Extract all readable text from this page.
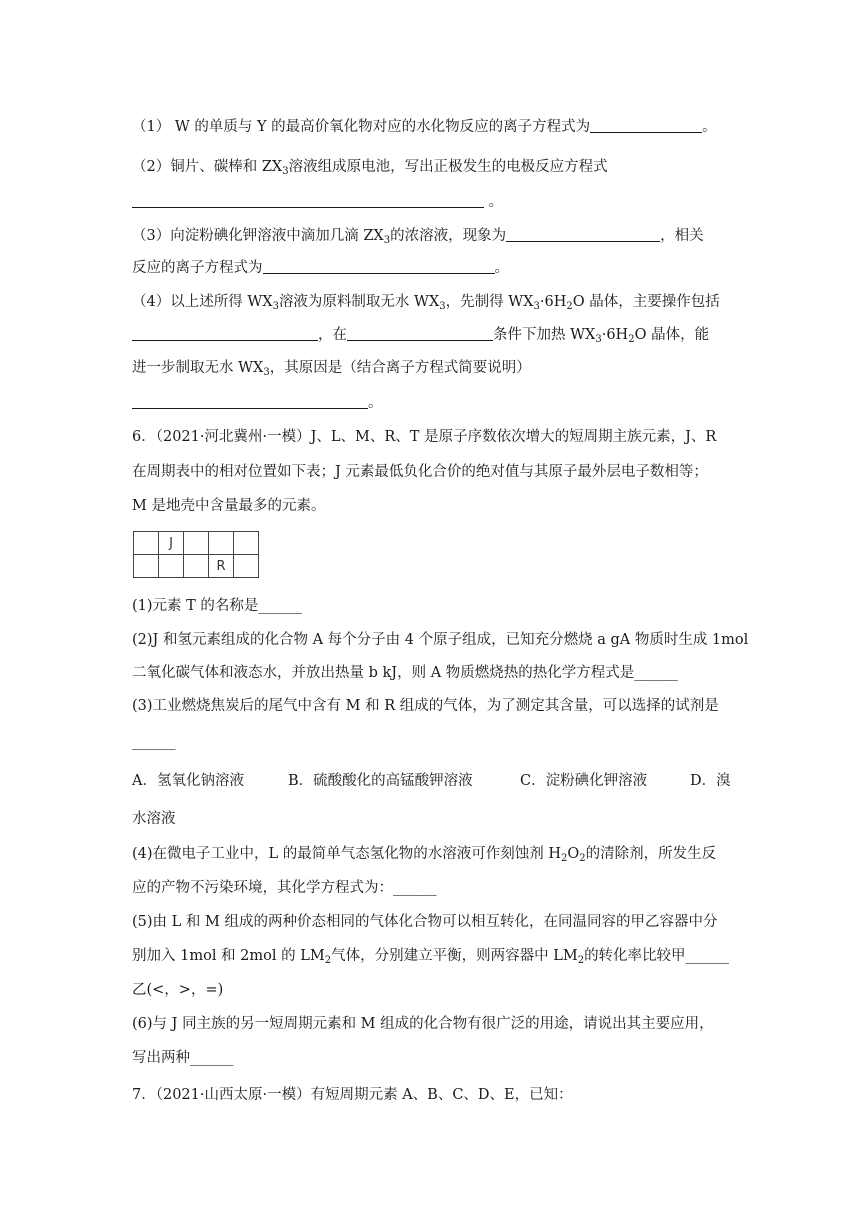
（1） W 的单质与 Y 的最高价氧化物对应的水化物反应的离子方程式为	。
（2）铜片、碳棒和 $ZX_3$溶液组成原电池，写出正极发生的电极反应方程式
。
（3）向淀粉碘化钾溶液中滴加几滴 $ZX_3$的浓溶液，现象为	，相关
反应的离子方程式为	。
（4）以上述所得 $WX_3$溶液为原料制取无水 $WX_3$，先制得 $WX_3\cdot 6H_2O$ 晶体，主要操作包括
，在	条件下加热 $WX_3\cdot 6H_2O$ 晶体，能
进一步制取无水 $WX_3$，其原因是（结合离子方程式简要说明）
。
6．（2021·河北冀州·一模）J、L、M、R、T 是原子序数依次增大的短周期主族元素，J、R
在周期表中的相对位置如下表；J 元素最低负化合价的绝对值与其原子最外层电子数相等；
M 是地壳中含量最多的元素。
	J			
			R	
(1)元素 T 的名称是______
(2)J 和氢元素组成的化合物 A 每个分子由 4 个原子组成，已知充分燃烧 a gA 物质时生成 1mol
二氧化碳气体和液态水，并放出热量 b kJ，则 A 物质燃烧热的热化学方程式是______
(3)工业燃烧焦炭后的尾气中含有 M 和 R 组成的气体，为了测定其含量，可以选择的试剂是
______
A．氢氧化钠溶液	B．硫酸酸化的高锰酸钾溶液	C．淀粉碘化钾溶液	D．溴
水溶液
(4)在微电子工业中，L 的最简单气态氢化物的水溶液可作刻蚀剂 $H_2O_2$的清除剂，所发生反
应的产物不污染环境，其化学方程式为：______
(5)由 L 和 M 组成的两种价态相同的气体化合物可以相互转化，在同温同容的甲乙容器中分
别加入 1mol 和 2mol 的 $LM_2$气体，分别建立平衡，则两容器中 $LM_2$的转化率比较甲______
乙(<，>，=)
(6)与 J 同主族的另一短周期元素和 M 组成的化合物有很广泛的用途，请说出其主要应用，
写出两种______
7．（2021·山西太原·一模）有短周期元素 A、B、C、D、E，已知：
